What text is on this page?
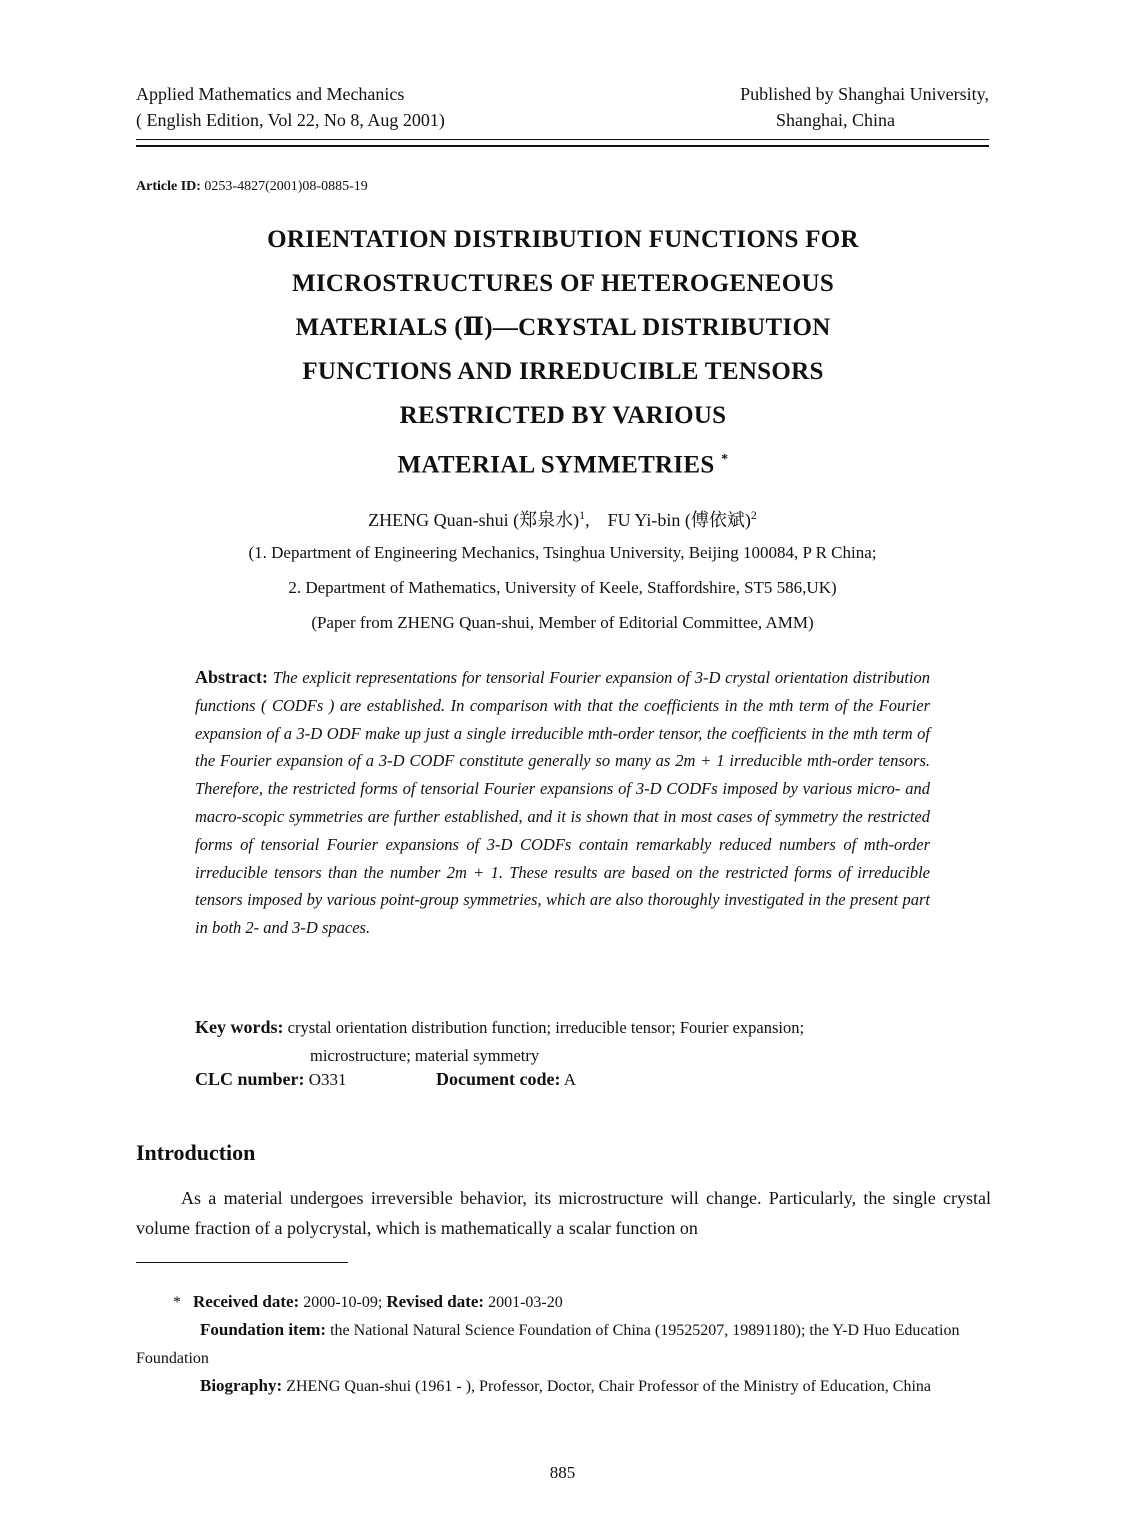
Applied Mathematics and Mechanics
( English Edition, Vol 22, No 8, Aug 2001)
Published by Shanghai University,
Shanghai, China
Article ID: 0253-4827(2001)08-0885-19
ORIENTATION DISTRIBUTION FUNCTIONS FOR
MICROSTRUCTURES OF HETEROGENEOUS
MATERIALS (Ⅱ)—CRYSTAL DISTRIBUTION
FUNCTIONS AND IRREDUCIBLE TENSORS
RESTRICTED BY VARIOUS
MATERIAL SYMMETRIES *
ZHENG Quan-shui (郑泉水)$^1$, FU Yi-bin (傅依斌)$^2$
(1. Department of Engineering Mechanics, Tsinghua University, Beijing 100084, P R China;
2. Department of Mathematics, University of Keele, Staffordshire, ST5 586,UK)
(Paper from ZHENG Quan-shui, Member of Editorial Committee, AMM)
Abstract: The explicit representations for tensorial Fourier expansion of 3-D crystal orientation distribution functions ( CODFs ) are established. In comparison with that the coefficients in the mth term of the Fourier expansion of a 3-D ODF make up just a single irreducible mth-order tensor, the coefficients in the mth term of the Fourier expansion of a 3-D CODF constitute generally so many as 2m + 1 irreducible mth-order tensors. Therefore, the restricted forms of tensorial Fourier expansions of 3-D CODFs imposed by various micro- and macro-scopic symmetries are further established, and it is shown that in most cases of symmetry the restricted forms of tensorial Fourier expansions of 3-D CODFs contain remarkably reduced numbers of mth-order irreducible tensors than the number 2m + 1. These results are based on the restricted forms of irreducible tensors imposed by various point-group symmetries, which are also thoroughly investigated in the present part in both 2- and 3-D spaces.
Key words: crystal orientation distribution function; irreducible tensor; Fourier expansion;
microstructure; material symmetry
CLC number: O331	Document code: A
Introduction
As a material undergoes irreversible behavior, its microstructure will change. Particularly, the single crystal volume fraction of a polycrystal, which is mathematically a scalar function on
* Received date: 2000-10-09; Revised date: 2001-03-20
Foundation item: the National Natural Science Foundation of China (19525207, 19891180); the Y-D Huo Education Foundation
Biography: ZHENG Quan-shui (1961 - ), Professor, Doctor, Chair Professor of the Ministry of Education, China
885
